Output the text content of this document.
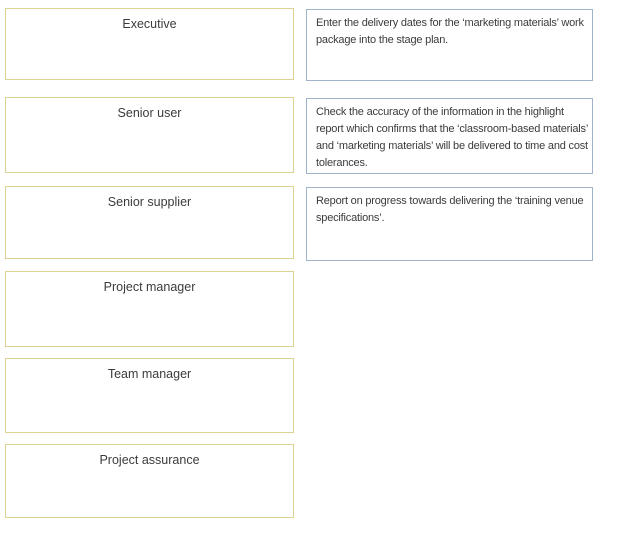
Executive
Senior user
Senior supplier
Project manager
Team manager
Project assurance

Enter the delivery dates for the ‘marketing materials’ work package into the stage plan.

Check the accuracy of the information in the highlight report which confirms that the ‘classroom-based materials’ and ‘marketing materials’ will be delivered to time and cost tolerances.

Report on progress towards delivering the ‘training venue specifications’.
